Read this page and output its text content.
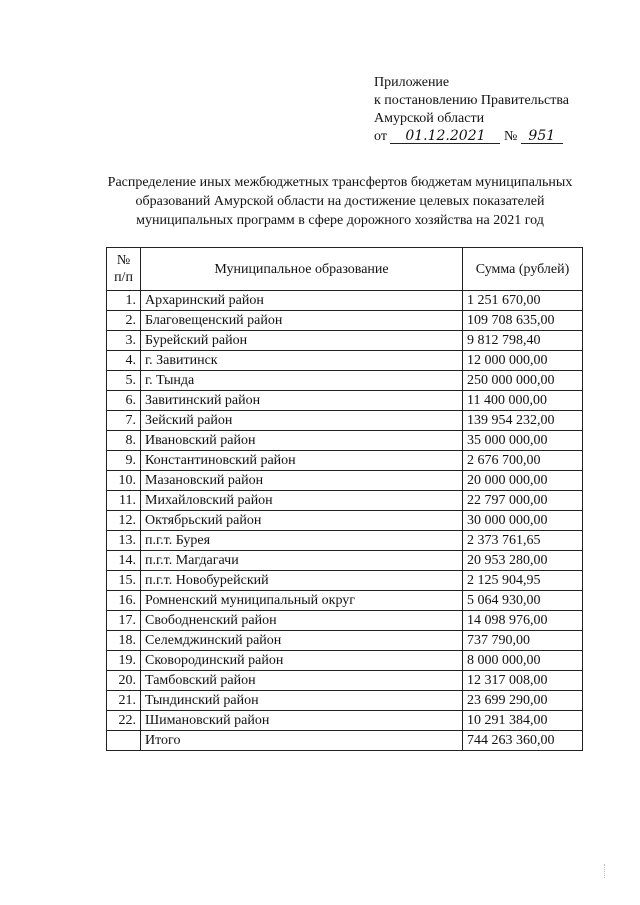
Приложение
к постановлению Правительства
Амурской области
от 01.12.2021 № 951
Распределение иных межбюджетных трансфертов бюджетам муниципальных образований Амурской области на достижение целевых показателей муниципальных программ в сфере дорожного хозяйства на 2021 год
№ п/п	Муниципальное образование	Сумма (рублей)
1.	Архаринский район	1 251 670,00
2.	Благовещенский район	109 708 635,00
3.	Бурейский район	9 812 798,40
4.	г. Завитинск	12 000 000,00
5.	г. Тында	250 000 000,00
6.	Завитинский район	11 400 000,00
7.	Зейский район	139 954 232,00
8.	Ивановский район	35 000 000,00
9.	Константиновский район	2 676 700,00
10.	Мазановский район	20 000 000,00
11.	Михайловский район	22 797 000,00
12.	Октябрьский район	30 000 000,00
13.	п.г.т. Бурея	2 373 761,65
14.	п.г.т. Магдагачи	20 953 280,00
15.	п.г.т. Новобурейский	2 125 904,95
16.	Ромненский муниципальный округ	5 064 930,00
17.	Свободненский район	14 098 976,00
18.	Селемджинский район	737 790,00
19.	Сковородинский район	8 000 000,00
20.	Тамбовский район	12 317 008,00
21.	Тындинский район	23 699 290,00
22.	Шимановский район	10 291 384,00
	Итого	744 263 360,00
